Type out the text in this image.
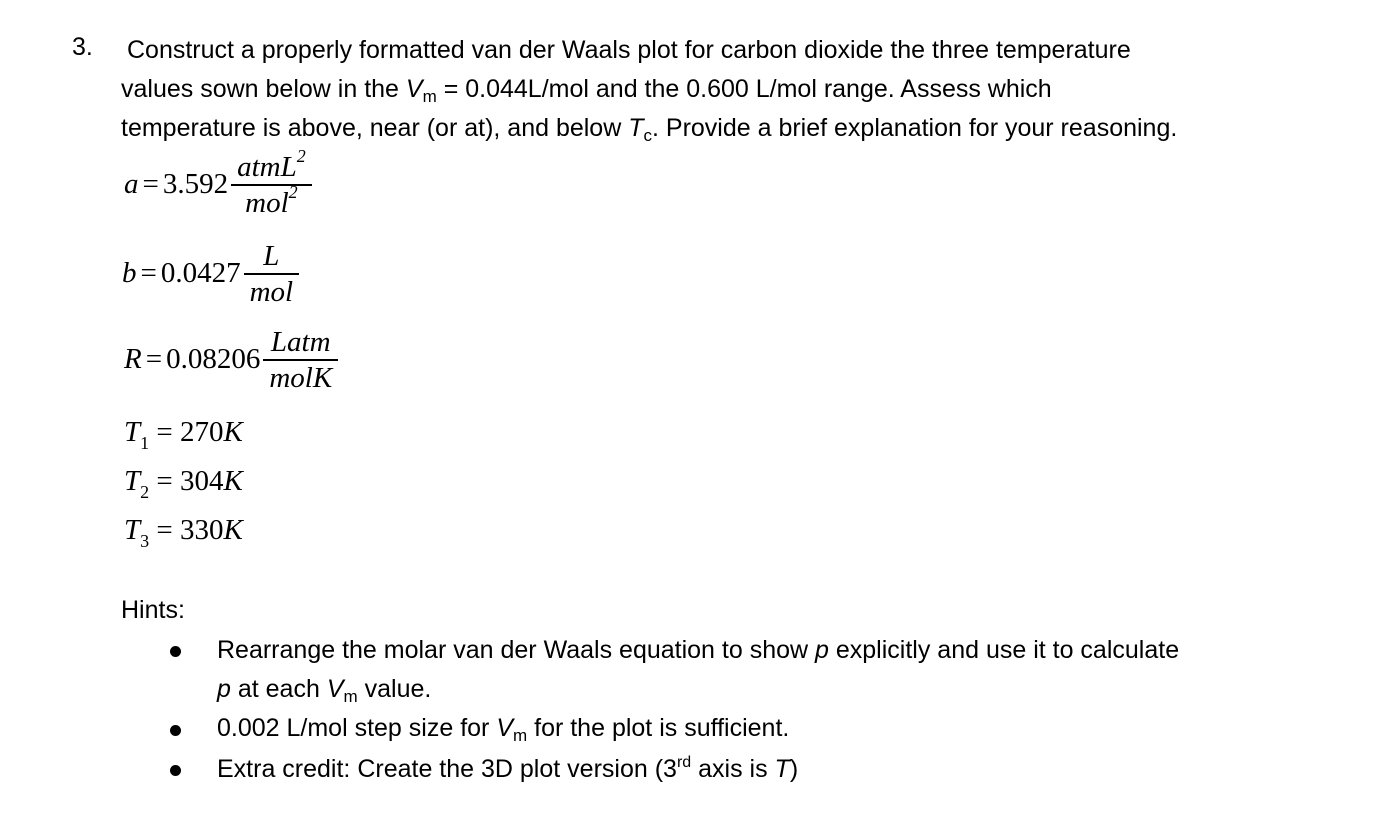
3. Construct a properly formatted van der Waals plot for carbon dioxide the three temperature
values sown below in the $V_m = 0.044L/mol$ and the 0.600 L/mol range. Assess which
temperature is above, near (or at), and below $T_c$. Provide a brief explanation for your reasoning.
$a = 3.592 \frac{atmL^2}{mol^2}$
$b = 0.0427 \frac{L}{\text{mol}}$
$R = 0.08206 \frac{\text{Latm}}{\text{molK}}$
$T_1 = 270K$
$T_2 = 304K$
$T_3 = 330K$
Hints:
Rearrange the molar van der Waals equation to show p explicitly and use it to calculate
p at each $V_m$ value.
0.002 L/mol step size for $V_m$ for the plot is sufficient.
Extra credit: Create the 3D plot version (3rd axis is T)
